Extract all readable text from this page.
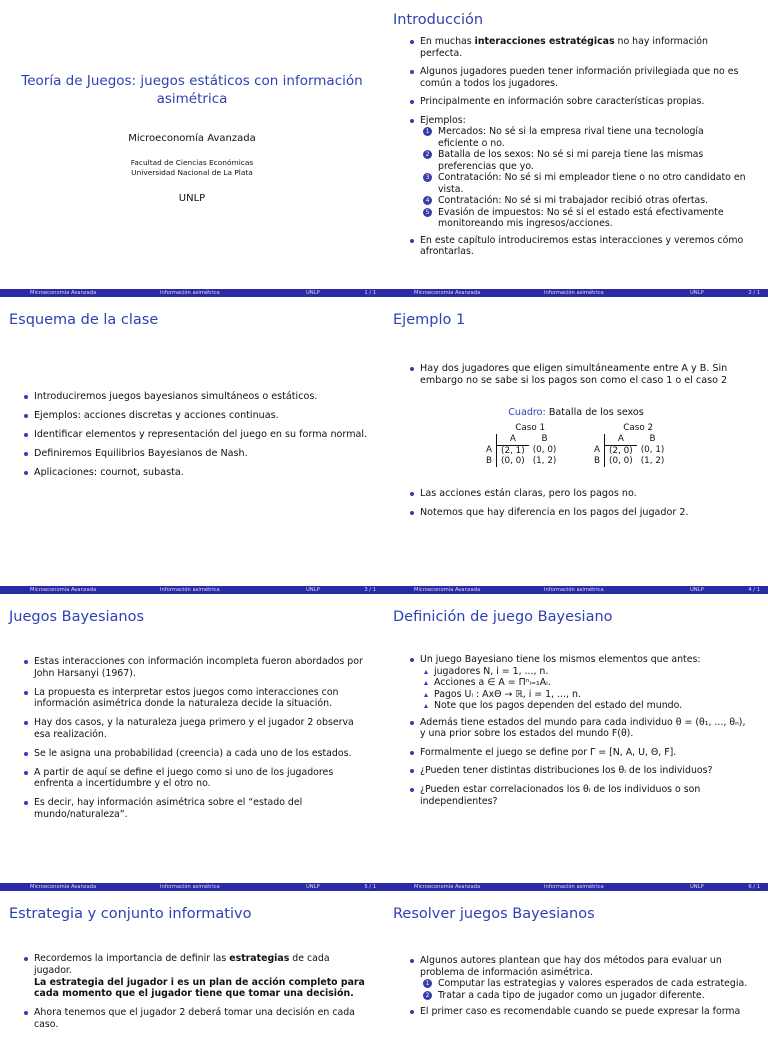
Teoría de Juegos: juegos estáticos con información asimétrica
Microeconomía Avanzada
Facultad de Ciencias Económicas
Universidad Nacional de La Plata
UNLP
Microeconomía Avanzada	Información asimétrica	UNLP	1 / 1
Introducción
En muchas interacciones estratégicas no hay información perfecta.
Algunos jugadores pueden tener información privilegiada que no es común a todos los jugadores.
Principalmente en información sobre características propias.
Ejemplos:
1 Mercados: No sé si la empresa rival tiene una tecnología eficiente o no.
2 Batalla de los sexos: No sé si mi pareja tiene las mismas preferencias que yo.
3 Contratación: No sé si mi empleador tiene o no otro candidato en vista.
4 Contratación: No sé si mi trabajador recibió otras ofertas.
5 Evasión de impuestos: No sé si el estado está efectivamente monitoreando mis ingresos/acciones.
En este capítulo introduciremos estas interacciones y veremos cómo afrontarlas.
Microeconomía Avanzada	Información asimétrica	UNLP	2 / 1
Esquema de la clase
Introduciremos juegos bayesianos simultáneos o estáticos.
Ejemplos: acciones discretas y acciones continuas.
Identificar elementos y representación del juego en su forma normal.
Definiremos Equilibrios Bayesianos de Nash.
Aplicaciones: cournot, subasta.
Microeconomía Avanzada	Información asimétrica	UNLP	3 / 1
Ejemplo 1
Hay dos jugadores que eligen simultáneamente entre A y B. Sin embargo no se sabe si los pagos son como el caso 1 o el caso 2
Cuadro: Batalla de los sexos
Caso 1
	A	B
A	(2, 1)	(0, 0)
B	(0, 0)	(1, 2)
Caso 2
	A	B
A	(2, 0)	(0, 1)
B	(0, 0)	(1, 2)
Las acciones están claras, pero los pagos no.
Notemos que hay diferencia en los pagos del jugador 2.
Microeconomía Avanzada	Información asimétrica	UNLP	4 / 1
Juegos Bayesianos
Estas interacciones con información incompleta fueron abordados por John Harsanyi (1967).
La propuesta es interpretar estos juegos como interacciones con información asimétrica donde la naturaleza decide la situación.
Hay dos casos, y la naturaleza juega primero y el jugador 2 observa esa realización.
Se le asigna una probabilidad (creencia) a cada uno de los estados.
A partir de aquí se define el juego como si uno de los jugadores enfrenta a incertidumbre y el otro no.
Es decir, hay información asimétrica sobre el “estado del mundo/naturaleza”.
Microeconomía Avanzada	Información asimétrica	UNLP	5 / 1
Definición de juego Bayesiano
Un juego Bayesiano tiene los mismos elementos que antes:
jugadores N, i = 1, ..., n.
Acciones a ∈ A = Πⁿᵢ₌₁Aᵢ.
Pagos Uᵢ : AxΘ → ℝ, i = 1, ..., n.
Note que los pagos dependen del estado del mundo.
Además tiene estados del mundo para cada individuo θ = (θ₁, ..., θₙ), y una prior sobre los estados del mundo F(θ).
Formalmente el juego se define por Γ = [N, A, U, Θ, F].
¿Pueden tener distintas distribuciones los θᵢ de los individuos?
¿Pueden estar correlacionados los θᵢ de los individuos o son independientes?
Microeconomía Avanzada	Información asimétrica	UNLP	6 / 1
Estrategia y conjunto informativo
Recordemos la importancia de definir las estrategias de cada jugador.
La estrategia del jugador i es un plan de acción completo para cada momento que el jugador tiene que tomar una decisión.
Ahora tenemos que el jugador 2 deberá tomar una decisión en cada caso.
Resolver juegos Bayesianos
Algunos autores plantean que hay dos métodos para evaluar un problema de información asimétrica.
1 Computar las estrategias y valores esperados de cada estrategia.
2 Tratar a cada tipo de jugador como un jugador diferente.
El primer caso es recomendable cuando se puede expresar la forma
